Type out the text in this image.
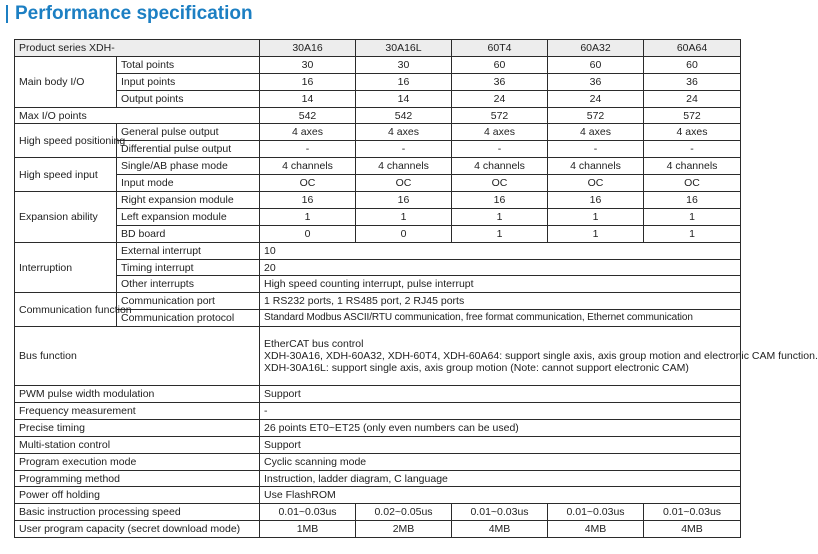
Performance specification
Product series XDH-		30A16	30A16L	60T4	60A32	60A64
Main body I/O	Total points	30	30	60	60	60
	Input points	16	16	36	36	36
	Output points	14	14	24	24	24
Max I/O points		542	542	572	572	572
High speed positioning	General pulse output	4 axes	4 axes	4 axes	4 axes	4 axes
	Differential pulse output	-	-	-	-	-
High speed input	Single/AB phase mode	4 channels	4 channels	4 channels	4 channels	4 channels
	Input mode	OC	OC	OC	OC	OC
Expansion ability	Right expansion module	16	16	16	16	16
	Left expansion module	1	1	1	1	1
	BD board	0	0	1	1	1
Interruption	External interrupt	10				
	Timing interrupt	20				
	Other interrupts	High speed counting interrupt, pulse interrupt				
Communication function	Communication port	1 RS232 ports, 1 RS485 port, 2 RJ45 ports				
	Communication protocol	Standard Modbus ASCII/RTU communication, free format communication, Ethernet communication				
Bus function		EtherCAT bus control
XDH-30A16, XDH-60A32, XDH-60T4, XDH-60A64: support single axis, axis group motion and electronic CAM function.
XDH-30A16L: support single axis, axis group motion (Note: cannot support electronic CAM)				

PWM pulse width modulation		Support				
Frequency measurement		-				
Precise timing		26 points ET0~ET25 (only even numbers can be used)				
Multi-station control		Support				
Program execution mode		Cyclic scanning mode				
Programming method		Instruction, ladder diagram, C language				
Power off holding		Use FlashROM				
Basic instruction processing speed		0.01~0.03us	0.02~0.05us	0.01~0.03us	0.01~0.03us	0.01~0.03us
User program capacity (secret download mode)		1MB	2MB	4MB	4MB	4MB
